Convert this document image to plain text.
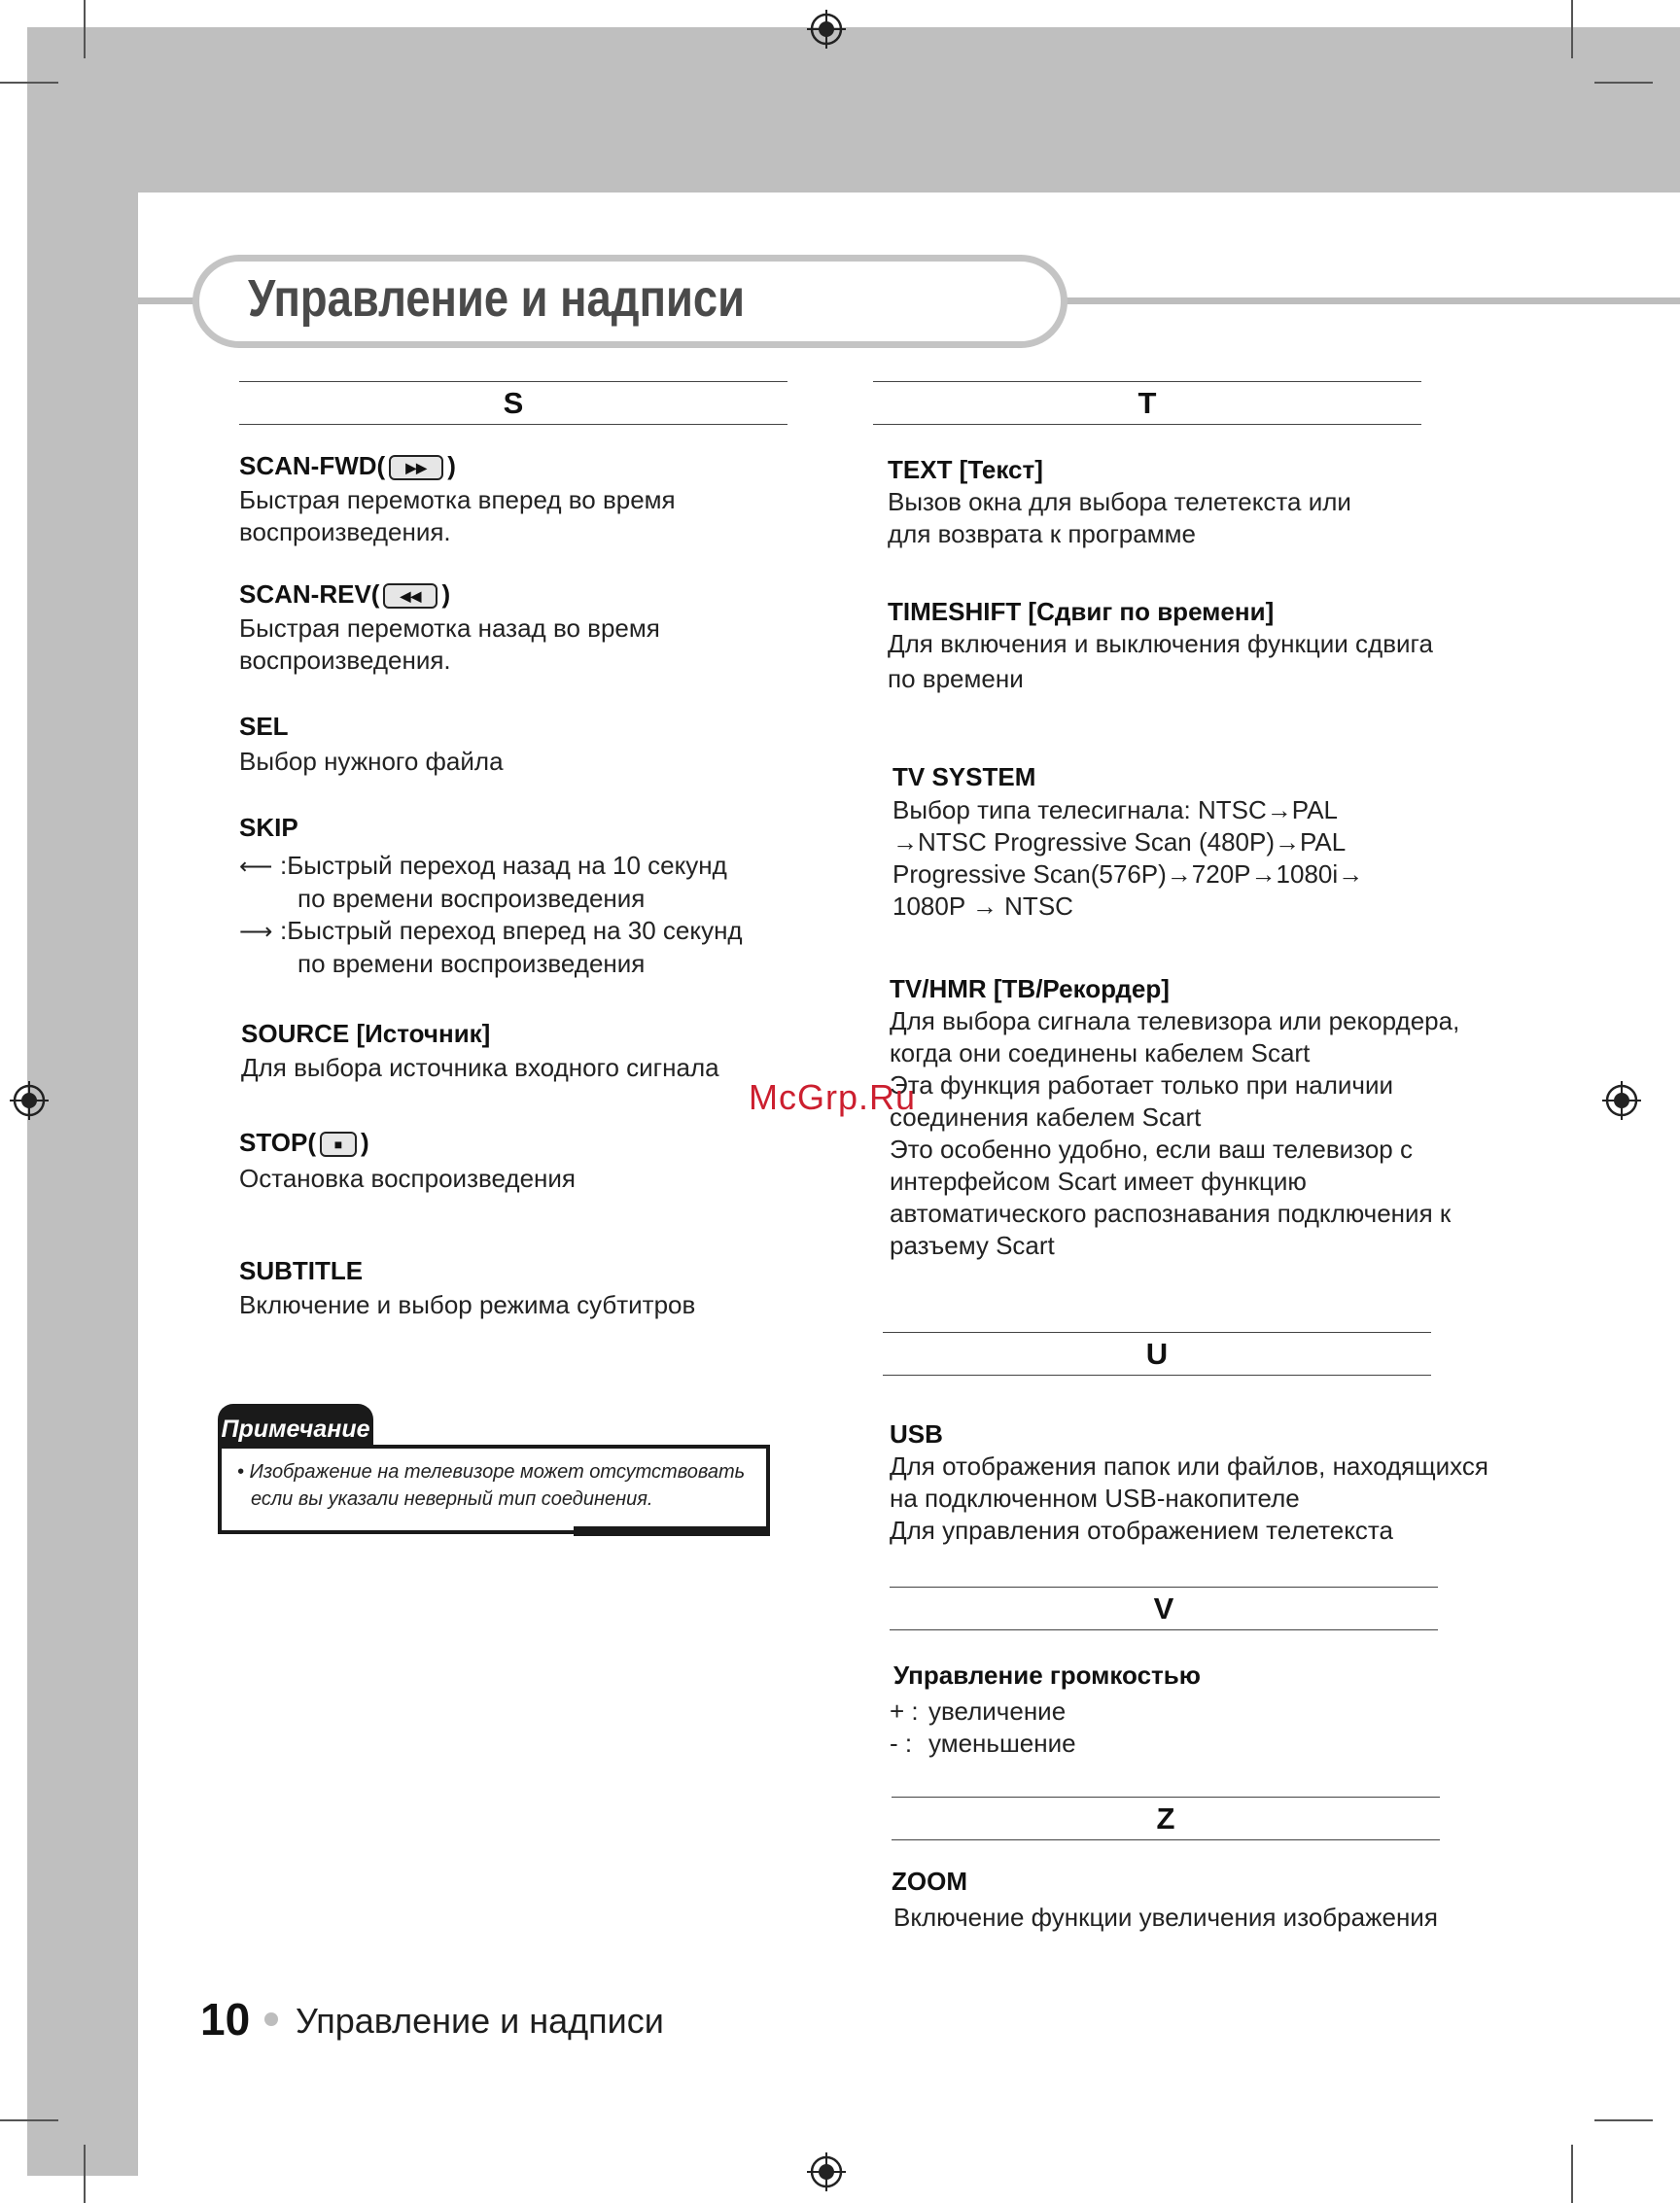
Управление и надписи
S
SCAN-FWD( ▶▶ )
Быстрая перемотка вперед во время
воспроизведения.
SCAN-REV( ◀◀ )
Быстрая перемотка назад во время
воспроизведения.
SEL
Выбор нужного файла
SKIP
⟵ :Быстрый переход назад на 10 секунд
по времени воспроизведения
⟶ :Быстрый переход вперед на 30 секунд
по времени воспроизведения
SOURCE [Источник]
Для выбора источника входного сигнала
STOP( ■ )
Остановка воспроизведения
SUBTITLE
Включение и выбор режима субтитров
Примечание
• Изображение на телевизоре может отсутствовать
если вы указали неверный тип соединения.
T
TEXT [Текст]
Вызов окна для выбора телетекста или
для возврата к программе
TIMESHIFT [Сдвиг по времени]
Для включения и выключения функции сдвига
по времени
TV SYSTEM
Выбор типа телесигнала: NTSC→PAL
→NTSC Progressive Scan (480P)→PAL
Progressive Scan(576P)→720P→1080i→
1080P → NTSC
TV/HMR [ТВ/Рекордер]
Для выбора сигнала телевизора или рекордера,
когда они соединены кабелем Scart
Эта функция работает только при наличии
соединения кабелем Scart
Это особенно удобно, если ваш телевизор с
интерфейсом Scart имеет функцию
автоматического распознавания подключения к
разъему Scart
McGrp.Ru
U
USB
Для отображения папок или файлов, находящихся
на подключенном USB-накопителе
Для управления отображением телетекста
V
Управление громкостью
+ : увеличение
- : уменьшение
Z
ZOOM
Включение функции увеличения изображения
10 Управление и надписи
